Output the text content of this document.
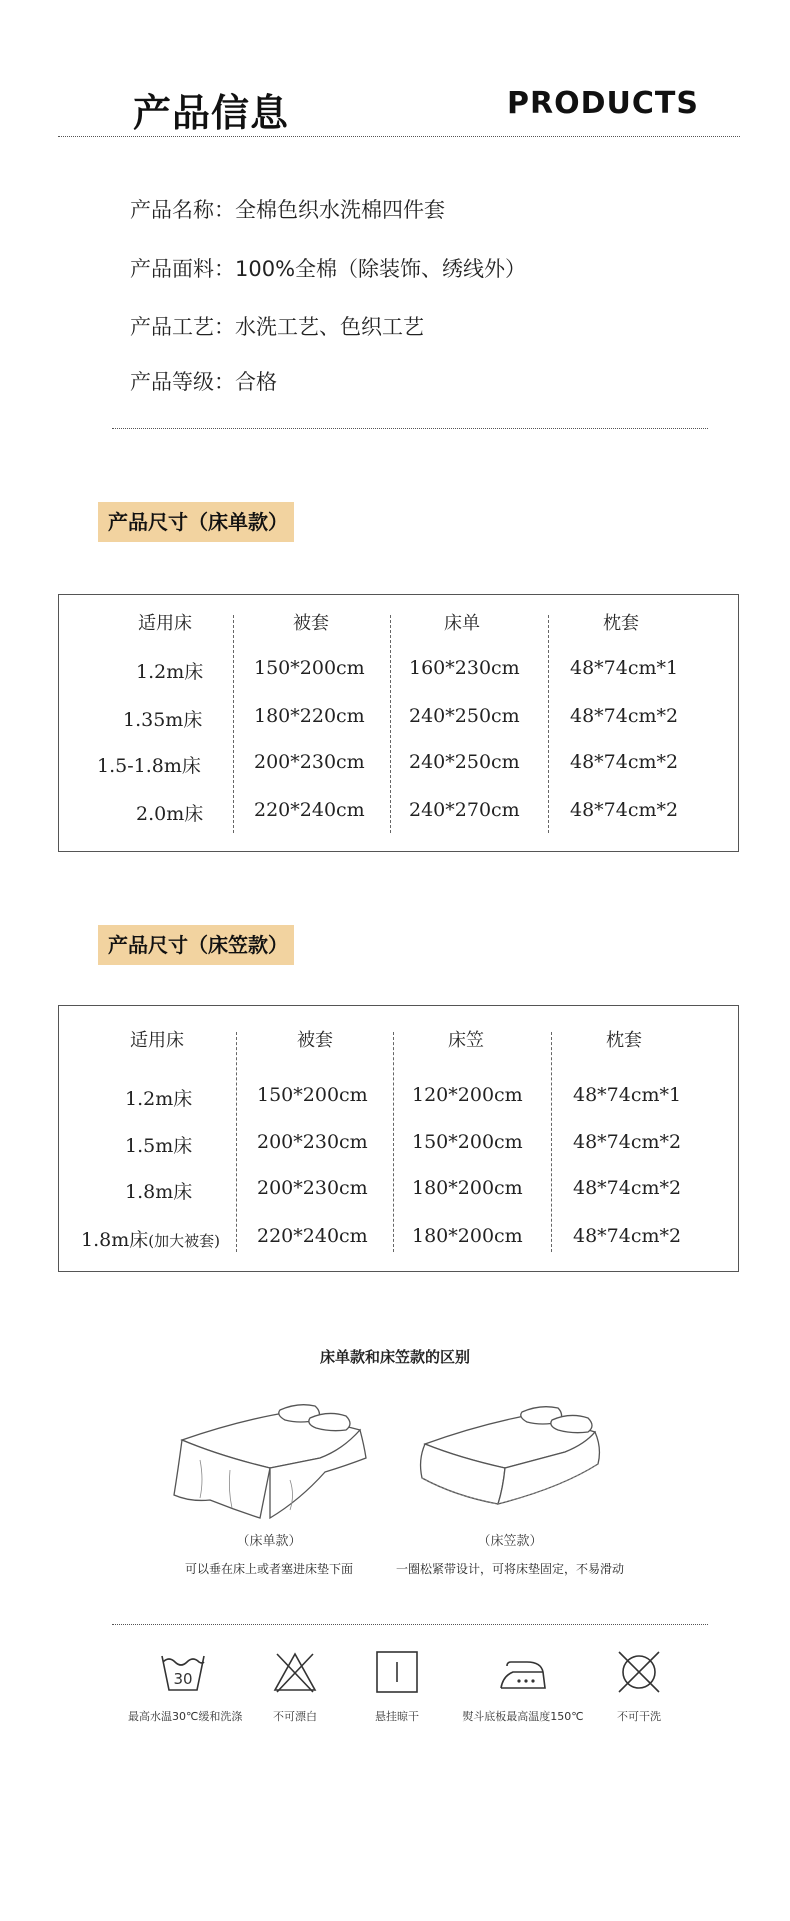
产品信息	PRODUCTS
产品名称：全棉色织水洗棉四件套
产品面料：100%全棉（除装饰、绣线外）
产品工艺：水洗工艺、色织工艺
产品等级：合格
产品尺寸（床单款）
适用床	被套	床单	枕套
1.2m床	150*200cm 160*230cm	48*74cm*1
1.35m床	180*220cm 240*250cm	48*74cm*2
1.5-1.8m床	200*230cm 240*250cm	48*74cm*2
2.0m床	220*240cm 240*270cm	48*74cm*2
产品尺寸（床笠款）
适用床	被套	床笠	枕套
1.2m床	150*200cm 120*200cm	48*74cm*1
1.5m床	200*230cm 150*200cm	48*74cm*2
1.8m床	200*230cm 180*200cm	48*74cm*2
1.8m床(加大被套) 220*240cm 180*200cm	48*74cm*2
床单款和床笠款的区别
（床单款）
可以垂在床上或者塞进床垫下面
（床笠款）
一圈松紧带设计，可将床垫固定，不易滑动
30
最高水温30℃缓和洗涤	不可漂白	悬挂晾干	熨斗底板最高温度150℃	不可干洗
